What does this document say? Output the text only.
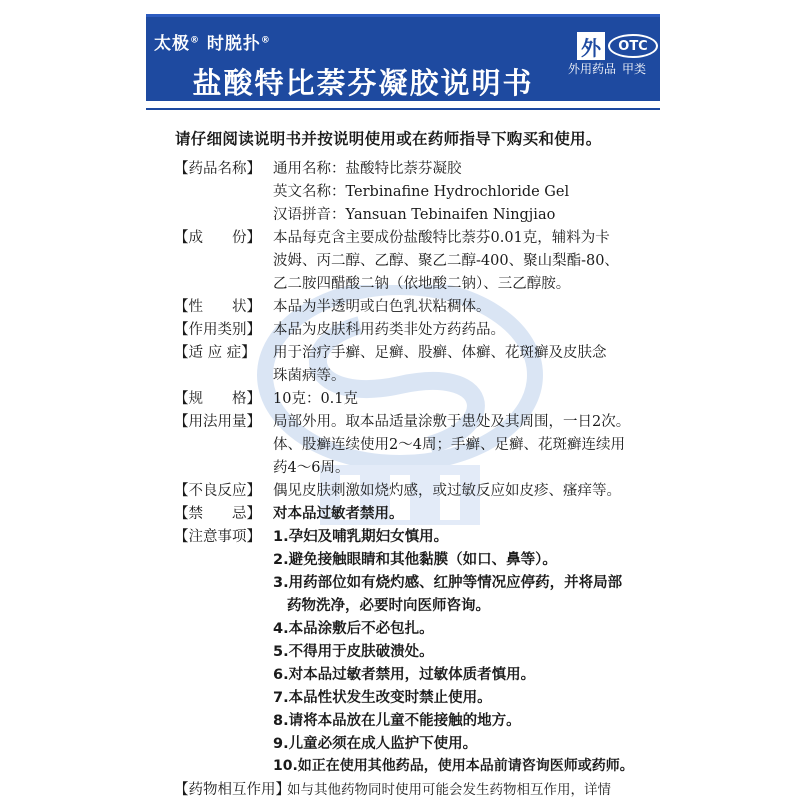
太极® 时脱扑®
盐酸特比萘芬凝胶说明书
外	OTC
外用药品 甲类
请仔细阅读说明书并按说明使用或在药师指导下购买和使用。
【药品名称】 通用名称：盐酸特比萘芬凝胶
英文名称：Terbinafine Hydrochloride Gel
汉语拼音：Yansuan Tebinaifen Ningjiao
【成　　份】 本品每克含主要成份盐酸特比萘芬0.01克，辅料为卡
波姆、丙二醇、乙醇、聚乙二醇-400、聚山梨酯-80、
乙二胺四醋酸二钠（依地酸二钠）、三乙醇胺。
【性　　状】 本品为半透明或白色乳状粘稠体。
【作用类别】 本品为皮肤科用药类非处方药药品。
【适 应 症】 用于治疗手癣、足癣、股癣、体癣、花斑癣及皮肤念
珠菌病等。
【规　　格】 10克：0.1克
【用法用量】 局部外用。取本品适量涂敷于患处及其周围，一日2次。
体、股癣连续使用2～4周；手癣、足癣、花斑癣连续用
药4～6周。
【不良反应】 偶见皮肤刺激如烧灼感，或过敏反应如皮疹、瘙痒等。
【禁　　忌】 对本品过敏者禁用。
【注意事项】 1.孕妇及哺乳期妇女慎用。
2.避免接触眼睛和其他黏膜（如口、鼻等）。
3.用药部位如有烧灼感、红肿等情况应停药，并将局部
药物洗净，必要时向医师咨询。
4.本品涂敷后不必包扎。
5.不得用于皮肤破溃处。
6.对本品过敏者禁用，过敏体质者慎用。
7.本品性状发生改变时禁止使用。
8.请将本品放在儿童不能接触的地方。
9.儿童必须在成人监护下使用。
10.如正在使用其他药品，使用本品前请咨询医师或药师。
【药物相互作用】
如与其他药物同时使用可能会发生药物相互作用，详情
